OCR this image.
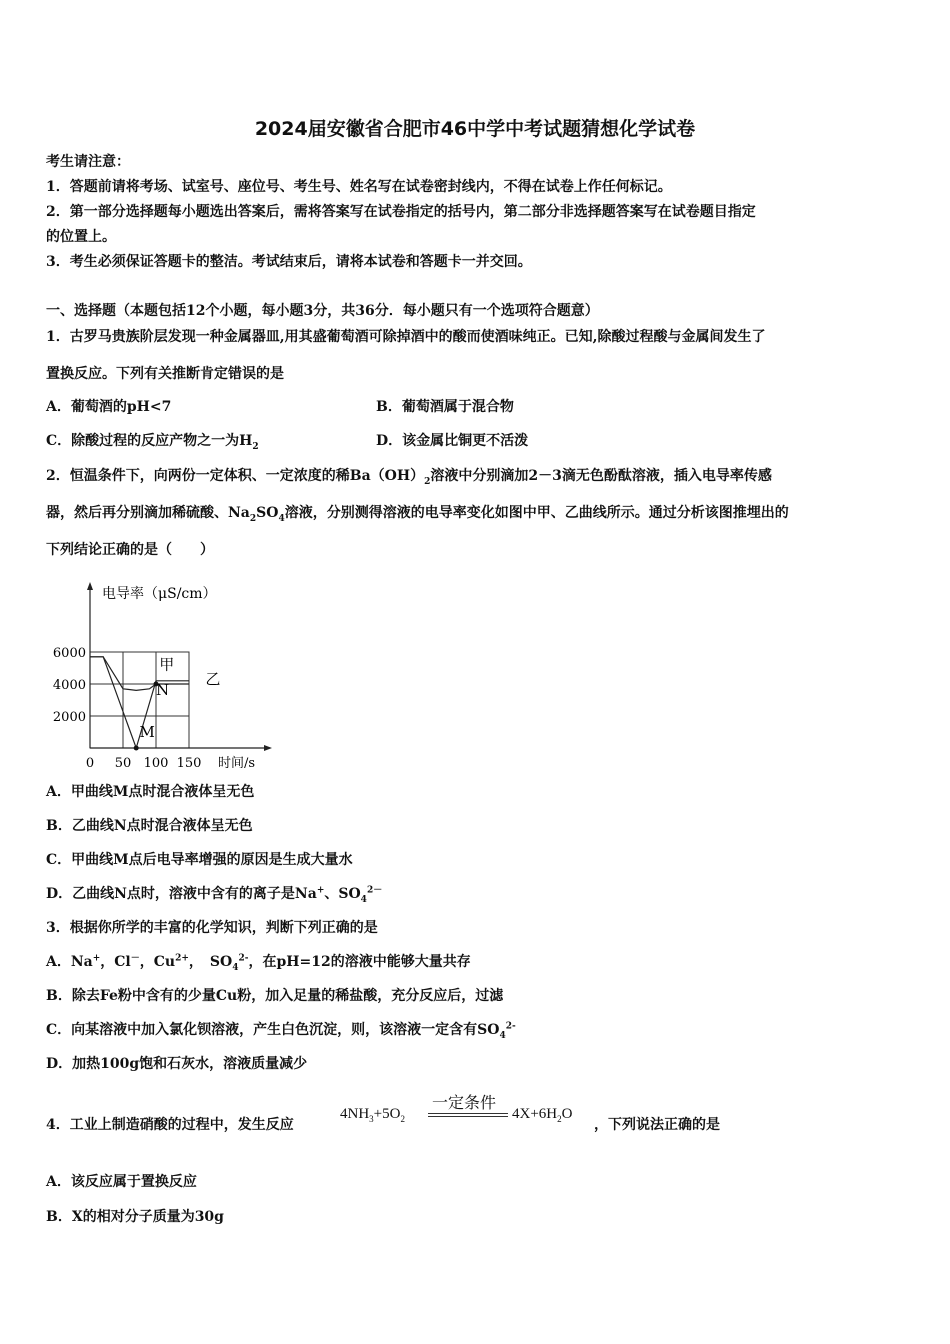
2024届安徽省合肥市46中学中考试题猜想化学试卷
考生请注意：
1．答题前请将考场、试室号、座位号、考生号、姓名写在试卷密封线内，不得在试卷上作任何标记。
2．第一部分选择题每小题选出答案后，需将答案写在试卷指定的括号内，第二部分非选择题答案写在试卷题目指定
的位置上。
3．考生必须保证答题卡的整洁。考试结束后，请将本试卷和答题卡一并交回。
一、选择题（本题包括12个小题，每小题3分，共36分．每小题只有一个选项符合题意）
1．古罗马贵族阶层发现一种金属器皿,用其盛葡萄酒可除掉酒中的酸而使酒味纯正。已知,除酸过程酸与金属间发生了
置换反应。下列有关推断肯定错误的是
A．葡萄酒的pH<7	B．葡萄酒属于混合物
C．除酸过程的反应产物之一为$H_2$	D．该金属比铜更不活泼
2．恒温条件下，向两份一定体积、一定浓度的稀$Ba(OH)_2$溶液中分别滴加2－3滴无色酚酞溶液，插入电导率传感
器，然后再分别滴加稀硫酸、$Na_2SO_4$溶液，分别测得溶液的电导率变化如图中甲、乙曲线所示。通过分析该图推埋出的
下列结论正确的是（　　）
电导率（μS/cm）
时间/s
6000
4000
2000
0 50 100 150
甲
乙
N
M
A．甲曲线M点时混合液体呈无色
B．乙曲线N点时混合液体呈无色
C．甲曲线M点后电导率增强的原因是生成大量水
D．乙曲线N点时，溶液中含有的离子是Na+、$SO_4^{2-}$
3．根据你所学的丰富的化学知识，判断下列正确的是
A．Na+，Cl－，$Cu^{2+}$，　$SO_4^{2-}$，在pH=12的溶液中能够大量共存
B．除去Fe粉中含有的少量Cu粉，加入足量的稀盐酸，充分反应后，过滤
C．向某溶液中加入氯化钡溶液，产生白色沉淀，则，该溶液一定含有$SO_4^{2-}$
D．加热100g饱和石灰水，溶液质量减少
4．工业上制造硝酸的过程中，发生反应
$4NH_3+5O_2$
一定条件
$4X+6H_2O$
，下列说法正确的是
A．该反应属于置换反应
B．X的相对分子质量为30g
